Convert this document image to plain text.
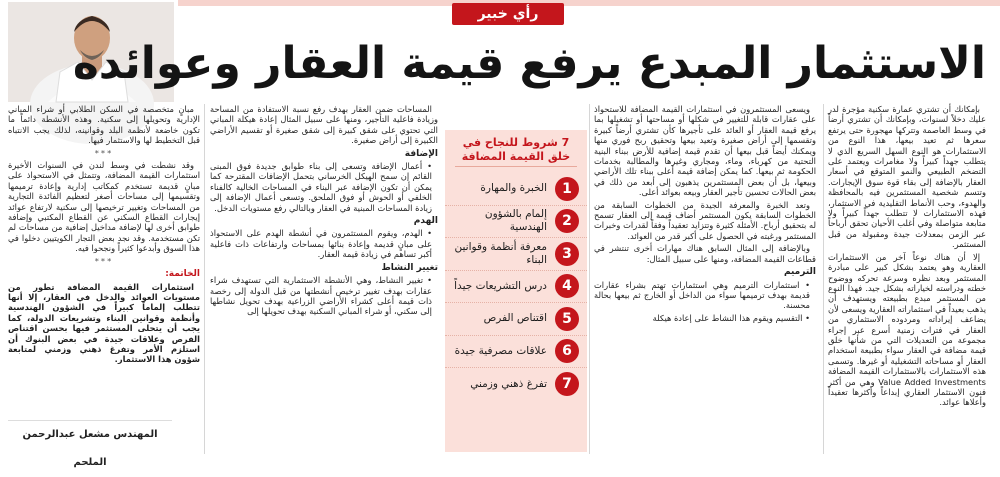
رأي خبير
الاستثمار المبدع يرفع قيمة العقار وعوائده

بإمكانك أن تشتري عمارة سكنية مؤجرة لدر عليك دخلاً لسنوات، وبإمكانك أن تشتري أرضاً في وسط العاصمة وتتركها مهجورة حتى يرتفع سعرها ثم تعيد بيعها، هذا النوع من الاستثمارات هو النوع السهل السريع الذي لا يتطلب جهداً كبيراً ولا مغامرات ويعتمد على التضخم الطبيعي والنمو المتوقع في أسعار العقار بالإضافة إلى بقاء قوة سوق الإيجارات. وتتسم شخصية المستثمرين فيه بالمحافظة والهدوء، وحب الأنماط التقليدية في الاستثمار، فهذه الاستثمارات لا تتطلب جهداً كبيراً ولا متابعة متواصلة وفي أغلب الأحيان تحقق أرباحاً عبر الزمن بمعدلات جيدة ومقبولة من قبل المستثمر.

إلا أن هناك نوعاً آخر من الاستثمارات العقارية وهو يعتمد بشكل كبير على مبادرة المستثمر وبعد نظره وسرعة تحركه ووضوح خطته ودراسته لخياراته بشكل جيد. فهذا النوع من المستثمر مبدع بطبيعته ويستهدف أن يذهب بعيداً في استثماراته العقارية ويسعى لأن يضاعف إيراداته ومردوده الاستثماري من العقار في فترات زمنية أسرع عبر إجراء مجموعة من التعديلات التي من شأنها خلق قيمة مضافة في العقار سواء بطبيعة استخدام العقار أو مساحاته التشغيلية أو غيرها. وتسمى هذه الاستثمارات بالاستثمارات القيمة المضافة Value Added Investments وهي من أكثر فنون الاستثمار العقاري إبداعاً وأكثرها تعقيداً وأعلاها عوائد.

ويسعى المستثمرون في استثمارات القيمة المضافة للاستحواذ على عقارات قابلة للتغيير في شكلها أو مساحتها أو تشغيلها بما يرفع قيمة العقار أو العائد على تأجيرها كأن تشتري أرضاً كبيرة وتقسمها إلى أراض صغيرة وتعيد بيعها وتحقيق ربح فوري منها ويمكنك أيضاً قبل بيعها أن تقدم قيمة إضافية للأرض ببناء البنية التحتية من كهرباء، وماء، ومجاري وغيرها والمطالبة بخدمات الحكومة ثم بيعها. كما يمكن إضافة قيمة أعلى ببناء تلك الأراضي وبيعها، بل أن بعض المستثمرين يذهبون إلى أبعد من ذلك في بعض الحالات تحسين تأجير العقار وبيعه بعوائد أعلى.

وتعد الخبرة والمعرفة الجيدة من الخطوات السابقة من الخطوات السابقة يكون المستثمر أضاف قيمة إلى العقار تسمح له بتحقيق أرباح. الأمثلة كثيرة وتتزايد تعقيداً وفقاً لقدرات وخبرات المستثمر ورغبته في الحصول على أكبر قدر من العوائد.

وبالإضافة إلى المثال السابق هناك مهارات أخرى تنتشر في قطاعات القيمة المضافة، ومنها على سبيل المثال:

الترميم

• استثمارات الترميم وهي استثمارات تهتم بشراء عقارات قديمة بهدف ترميمها سواء من الداخل أو الخارج ثم بيعها بحالة محسنة.

• التقسيم ويقوم هذا النشاط على إعادة هيكلة

7 شروط للنجاح في خلق القيمة المضافة
1
الخبرة والمهارة
2
إلمام بالشؤون الهندسية
3
معرفة أنظمة وقوانين البناء
4
درس التشريعات جيداً
5
اقتناص الفرص
6
علاقات مصرفية جيدة
7
تفرغ ذهني وزمني

المساحات ضمن العقار بهدف رفع نسبة الاستفادة من المساحة وزيادة فاعلية التأجير، ومنها على سبيل المثال إعادة هيكلة المباني التي تحتوي على شقق كبيرة إلى شقق صغيرة أو تقسيم الأراضي الكبيرة إلى أراض صغيرة.

الإضافة

• أعمال الإضافة وتسعى إلى بناء طوابق جديدة فوق المبنى القائم إن سمح الهيكل الخرساني بتحمل الإضافات المقترحة كما يمكن أن تكون الإضافة عبر البناء في المساحات الخالية كالفناء الخلفي أو الحوش أو فوق الملحق. وتسعى أعمال الإضافة إلى زيادة المساحات المبنية في العقار وبالتالي رفع مستويات الدخل.

الهدم

• الهدم، ويقوم المستثمرون في أنشطة الهدم على الاستحواذ على مبانٍ قديمة وإعادة بنائها بمساحات وارتفاعات ذات فاعلية أكبر تساهم في زيادة قيمة العقار.

تغيير النشاط

• تغيير النشاط، وهي الأنشطة الاستثمارية التي تستهدف شراء عقارات بهدف تغيير ترخيص أنشطتها من قبل الدولة إلى رخصة ذات قيمة أعلى كشراء الأراضي الزراعية بهدف تحويل نشاطها إلى سكني، أو شراء المباني السكنية بهدف تحويلها إلى

مبانٍ متخصصة في السكن الطلابي أو شراء المباني الإدارية وتحويلها إلى سكنية. وهذه الأنشطة دائماً ما تكون خاضعة لأنظمة البلد وقوانينه، لذلك يجب الانتباه قبل التخطيط لها والاستثمار فيها.

***

وقد نشطت في وسط لندن في السنوات الأخيرة استثمارات القيمة المضافة، وتتمثل في الاستحواذ على مبانٍ قديمة تستخدم كمكاتب إدارية وإعادة ترميمها وتقسيمها إلى مساحات أصغر لتعظيم الفائدة التجارية من المساحات وتغيير ترخيصها إلى سكنية لارتفاع عوائد إيجارات القطاع السكني عن القطاع المكتبي وإضافة طوابق أخرى لها لإضافة مداخيل إضافية من مساحات لم تكن مستخدمة. وقد نجد بعض التجار الكويتيين دخلوا في هذا السوق وأبدعوا كثيراً ونجحوا فيه.

***
الخاتمة:

استثمارات القيمة المضافة تطور من مستويات العوائد والدخل في العقار، إلا أنها تتطلب إلماماً كبيراً في الشؤون الهندسية وأنظمة وقوانين البناء وتشريعات الدولة، كما يجب أن يتحلى المستثمر فيها بحسن اقتناص الفرص وعلاقات جيدة في بعض البنوك أن استلزم الأمر وتفرغ ذهني وزمني لمتابعة شؤون هذا الاستثمار.

المهندس مشعل عبدالرحمن الملحم
